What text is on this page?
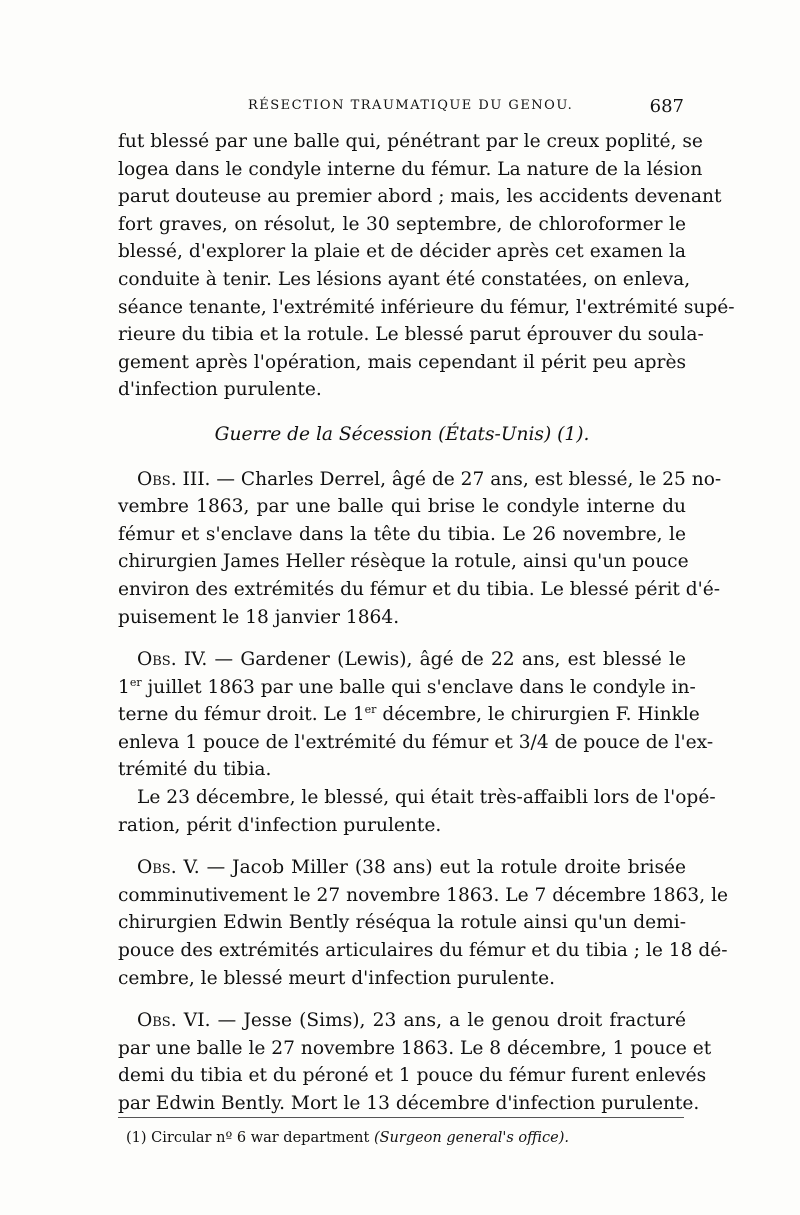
RÉSECTION TRAUMATIQUE DU GENOU.	687
fut blessé par une balle qui, pénétrant par le creux poplité, se
logea dans le condyle interne du fémur. La nature de la lésion
parut douteuse au premier abord ; mais, les accidents devenant
fort graves, on résolut, le 30 septembre, de chloroformer le
blessé, d'explorer la plaie et de décider après cet examen la
conduite à tenir. Les lésions ayant été constatées, on enleva,
séance tenante, l'extrémité inférieure du fémur, l'extrémité supé-
rieure du tibia et la rotule. Le blessé parut éprouver du soula-
gement après l'opération, mais cependant il périt peu après
d'infection purulente.
Guerre de la Sécession (États-Unis) (1).
Obs. III. — Charles Derrel, âgé de 27 ans, est blessé, le 25 no-
vembre 1863, par une balle qui brise le condyle interne du
fémur et s'enclave dans la tête du tibia. Le 26 novembre, le
chirurgien James Heller résèque la rotule, ainsi qu'un pouce
environ des extrémités du fémur et du tibia. Le blessé périt d'é-
puisement le 18 janvier 1864.
Obs. IV. — Gardener (Lewis), âgé de 22 ans, est blessé le
1er juillet 1863 par une balle qui s'enclave dans le condyle in-
terne du fémur droit. Le 1er décembre, le chirurgien F. Hinkle
enleva 1 pouce de l'extrémité du fémur et 3/4 de pouce de l'ex-
trémité du tibia.
Le 23 décembre, le blessé, qui était très-affaibli lors de l'opé-
ration, périt d'infection purulente.
Obs. V. — Jacob Miller (38 ans) eut la rotule droite brisée
comminutivement le 27 novembre 1863. Le 7 décembre 1863, le
chirurgien Edwin Bently réséqua la rotule ainsi qu'un demi-
pouce des extrémités articulaires du fémur et du tibia ; le 18 dé-
cembre, le blessé meurt d'infection purulente.
Obs. VI. — Jesse (Sims), 23 ans, a le genou droit fracturé
par une balle le 27 novembre 1863. Le 8 décembre, 1 pouce et
demi du tibia et du péroné et 1 pouce du fémur furent enlevés
par Edwin Bently. Mort le 13 décembre d'infection purulente.
(1) Circular nº 6 war department (Surgeon general's office).
